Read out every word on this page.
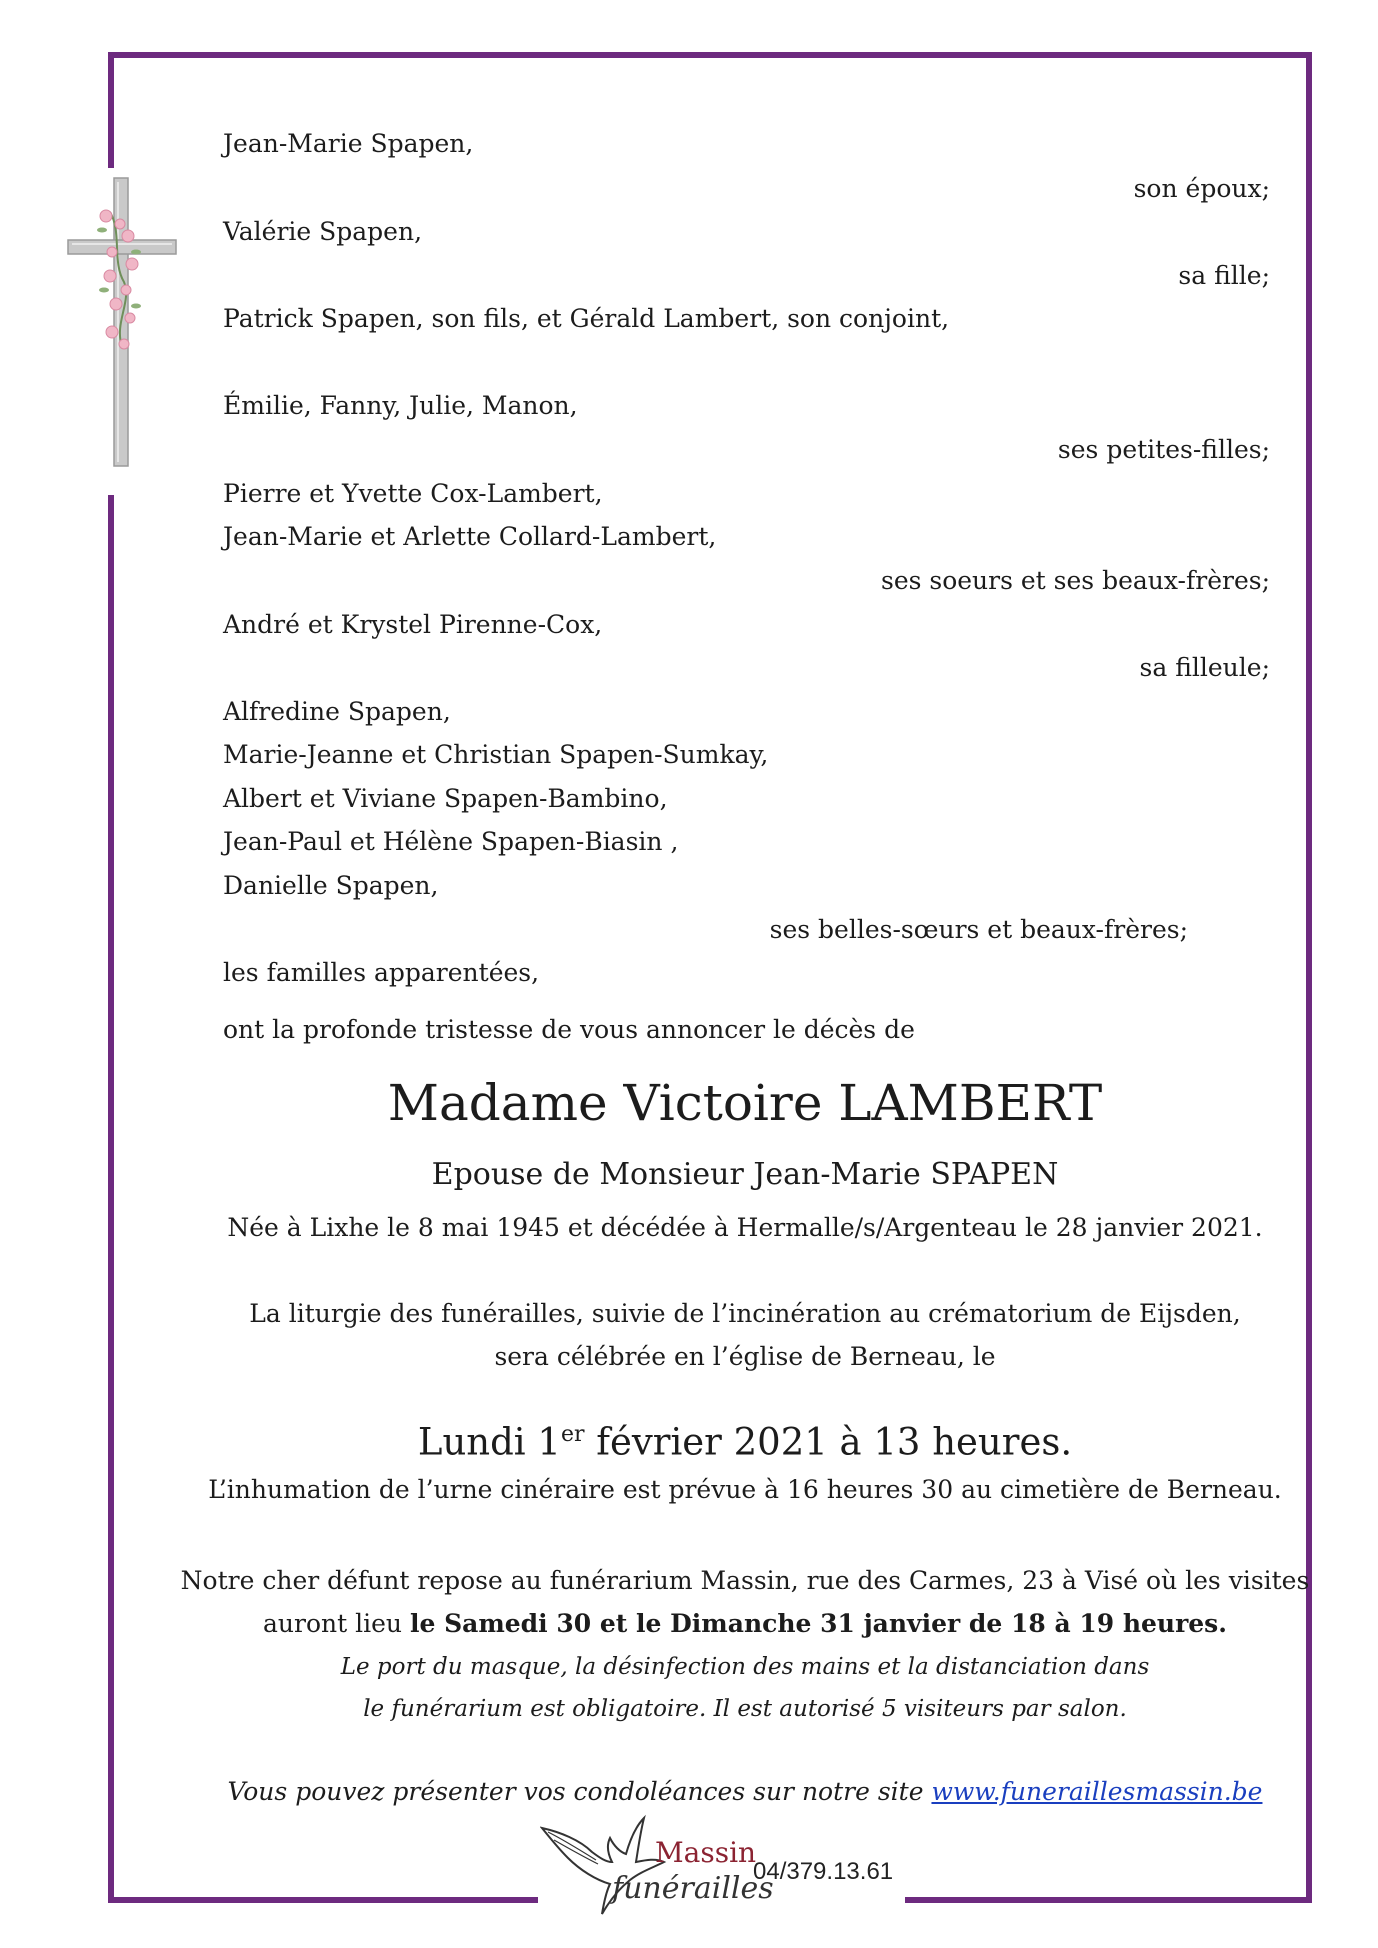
Jean-Marie Spapen,
son époux;
Valérie Spapen,
sa fille;
Patrick Spapen, son fils, et Gérald Lambert, son conjoint,
Émilie, Fanny, Julie, Manon,
ses petites-filles;
Pierre et Yvette Cox-Lambert,
Jean-Marie et Arlette Collard-Lambert,
ses soeurs et ses beaux-frères;
André et Krystel Pirenne-Cox,
sa filleule;
Alfredine Spapen,
Marie-Jeanne et Christian Spapen-Sumkay,
Albert et Viviane Spapen-Bambino,
Jean-Paul et Hélène Spapen-Biasin ,
Danielle Spapen,
ses belles-sœurs et beaux-frères;
les familles apparentées,
ont la profonde tristesse de vous annoncer le décès de
Madame Victoire LAMBERT
Epouse de Monsieur Jean-Marie SPAPEN
Née à Lixhe le 8 mai 1945 et décédée à Hermalle/s/Argenteau le 28 janvier 2021.
La liturgie des funérailles, suivie de l’incinération au crématorium de Eijsden,
sera célébrée en l’église de Berneau, le
Lundi 1er février 2021 à 13 heures.
L’inhumation de l’urne cinéraire est prévue à 16 heures 30 au cimetière de Berneau.
Notre cher défunt repose au funérarium Massin, rue des Carmes, 23 à Visé où les visites
auront lieu le Samedi 30 et le Dimanche 31 janvier de 18 à 19 heures.
Le port du masque, la désinfection des mains et la distanciation dans
le funérarium est obligatoire. Il est autorisé 5 visiteurs par salon.
Vous pouvez présenter vos condoléances sur notre site www.funeraillesmassin.be
Massin
funérailles
04/379.13.61
